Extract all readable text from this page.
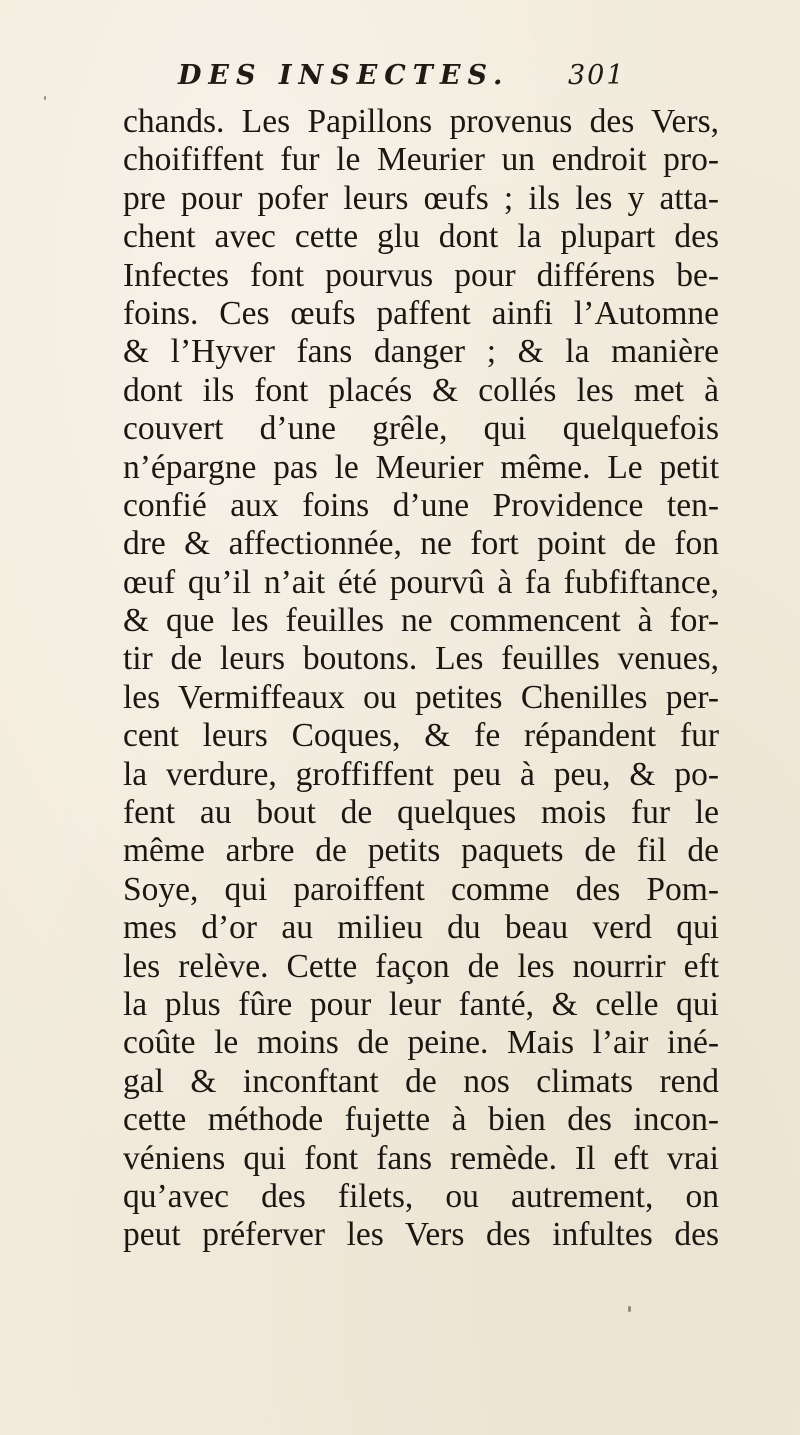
DES INSECTES. 301
chands. Les Papillons provenus des Vers,
choififfent fur le Meurier un endroit pro-
pre pour pofer leurs œufs ; ils les y atta-
chent avec cette glu dont la plupart des
Infectes font pourvus pour différens be-
foins. Ces œufs paffent ainfi l’Automne
& l’Hyver fans danger ; & la manière
dont ils font placés & collés les met à
couvert d’une grêle, qui quelquefois
n’épargne pas le Meurier même. Le petit
confié aux foins d’une Providence ten-
dre & affectionnée, ne fort point de fon
œuf qu’il n’ait été pourvû à fa fubfiftance,
& que les feuilles ne commencent à for-
tir de leurs boutons. Les feuilles venues,
les Vermiffeaux ou petites Chenilles per-
cent leurs Coques, & fe répandent fur
la verdure, groffiffent peu à peu, & po-
fent au bout de quelques mois fur le
même arbre de petits paquets de fil de
Soye, qui paroiffent comme des Pom-
mes d’or au milieu du beau verd qui
les relève. Cette façon de les nourrir eft
la plus fûre pour leur fanté, & celle qui
coûte le moins de peine. Mais l’air iné-
gal & inconftant de nos climats rend
cette méthode fujette à bien des incon-
véniens qui font fans remède. Il eft vrai
qu’avec des filets, ou autrement, on
peut préferver les Vers des infultes des
